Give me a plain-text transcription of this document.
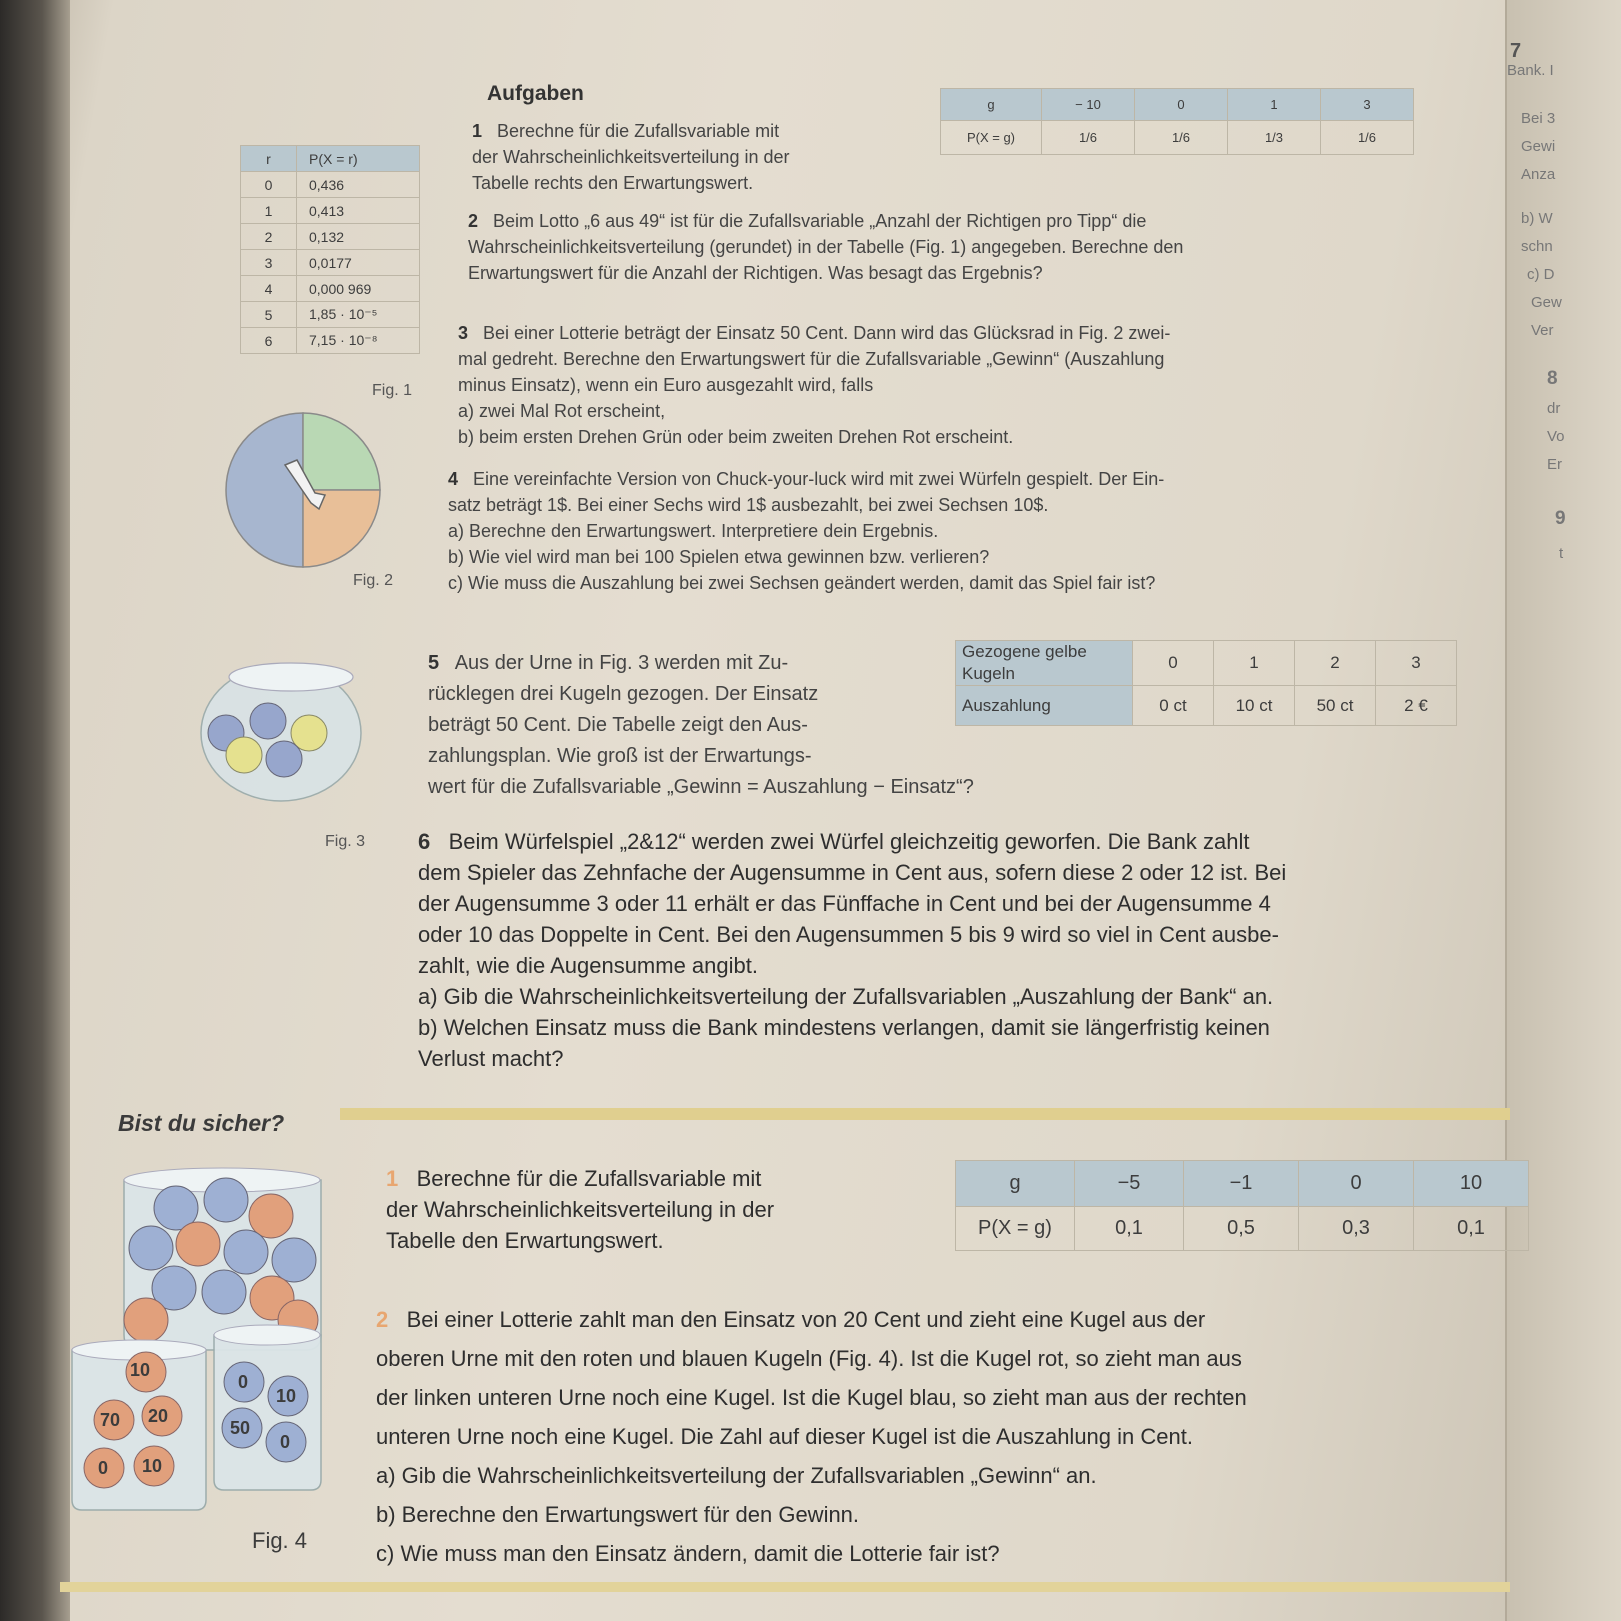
7
Bank. I
Bei 3
Gewi
Anza
b) W
schn
c) D
Gew
Ver
8
dr
Vo
Er
9
t
Aufgaben
r	P(X = r)
0	0,436
1	0,413
2	0,132
3	0,0177
4	0,000 969
5	1,85 · 10⁻⁵
6	7,15 · 10⁻⁸
Fig. 1
Fig. 2
Fig. 3
g	− 10	0	1	3
P(X = g)	1/6	1/6	1/3	1/6
1 Berechne für die Zufallsvariable mit
der Wahrscheinlichkeitsverteilung in der
Tabelle rechts den Erwartungswert.
2 Beim Lotto „6 aus 49“ ist für die Zufallsvariable „Anzahl der Richtigen pro Tipp“ die
Wahrscheinlichkeitsverteilung (gerundet) in der Tabelle (Fig. 1) angegeben. Berechne den
Erwartungswert für die Anzahl der Richtigen. Was besagt das Ergebnis?
3 Bei einer Lotterie beträgt der Einsatz 50 Cent. Dann wird das Glücksrad in Fig. 2 zwei-
mal gedreht. Berechne den Erwartungswert für die Zufallsvariable „Gewinn“ (Auszahlung
minus Einsatz), wenn ein Euro ausgezahlt wird, falls
a) zwei Mal Rot erscheint,
b) beim ersten Drehen Grün oder beim zweiten Drehen Rot erscheint.
4 Eine vereinfachte Version von Chuck-your-luck wird mit zwei Würfeln gespielt. Der Ein-
satz beträgt 1$. Bei einer Sechs wird 1$ ausbezahlt, bei zwei Sechsen 10$.
a) Berechne den Erwartungswert. Interpretiere dein Ergebnis.
b) Wie viel wird man bei 100 Spielen etwa gewinnen bzw. verlieren?
c) Wie muss die Auszahlung bei zwei Sechsen geändert werden, damit das Spiel fair ist?
Gezogene gelbe Kugeln	0	1	2	3
Auszahlung	0 ct	10 ct	50 ct	2 €
5 Aus der Urne in Fig. 3 werden mit Zu-
rücklegen drei Kugeln gezogen. Der Einsatz
beträgt 50 Cent. Die Tabelle zeigt den Aus-
zahlungsplan. Wie groß ist der Erwartungs-
wert für die Zufallsvariable „Gewinn = Auszahlung − Einsatz“?
6 Beim Würfelspiel „2&12“ werden zwei Würfel gleichzeitig geworfen. Die Bank zahlt
dem Spieler das Zehnfache der Augensumme in Cent aus, sofern diese 2 oder 12 ist. Bei
der Augensumme 3 oder 11 erhält er das Fünffache in Cent und bei der Augensumme 4
oder 10 das Doppelte in Cent. Bei den Augensummen 5 bis 9 wird so viel in Cent ausbe-
zahlt, wie die Augensumme angibt.
a) Gib die Wahrscheinlichkeitsverteilung der Zufallsvariablen „Auszahlung der Bank“ an.
b) Welchen Einsatz muss die Bank mindestens verlangen, damit sie längerfristig keinen
Verlust macht?
Bist du sicher?
g	−5	−1	0	10
P(X = g)	0,1	0,5	0,3	0,1
1 Berechne für die Zufallsvariable mit
der Wahrscheinlichkeitsverteilung in der
Tabelle den Erwartungswert.
2 Bei einer Lotterie zahlt man den Einsatz von 20 Cent und zieht eine Kugel aus der
oberen Urne mit den roten und blauen Kugeln (Fig. 4). Ist die Kugel rot, so zieht man aus
der linken unteren Urne noch eine Kugel. Ist die Kugel blau, so zieht man aus der rechten
unteren Urne noch eine Kugel. Die Zahl auf dieser Kugel ist die Auszahlung in Cent.
a) Gib die Wahrscheinlichkeitsverteilung der Zufallsvariablen „Gewinn“ an.
b) Berechne den Erwartungswert für den Gewinn.
c) Wie muss man den Einsatz ändern, damit die Lotterie fair ist?
10
70 20
0 10
0
10
50
0
Fig. 4
